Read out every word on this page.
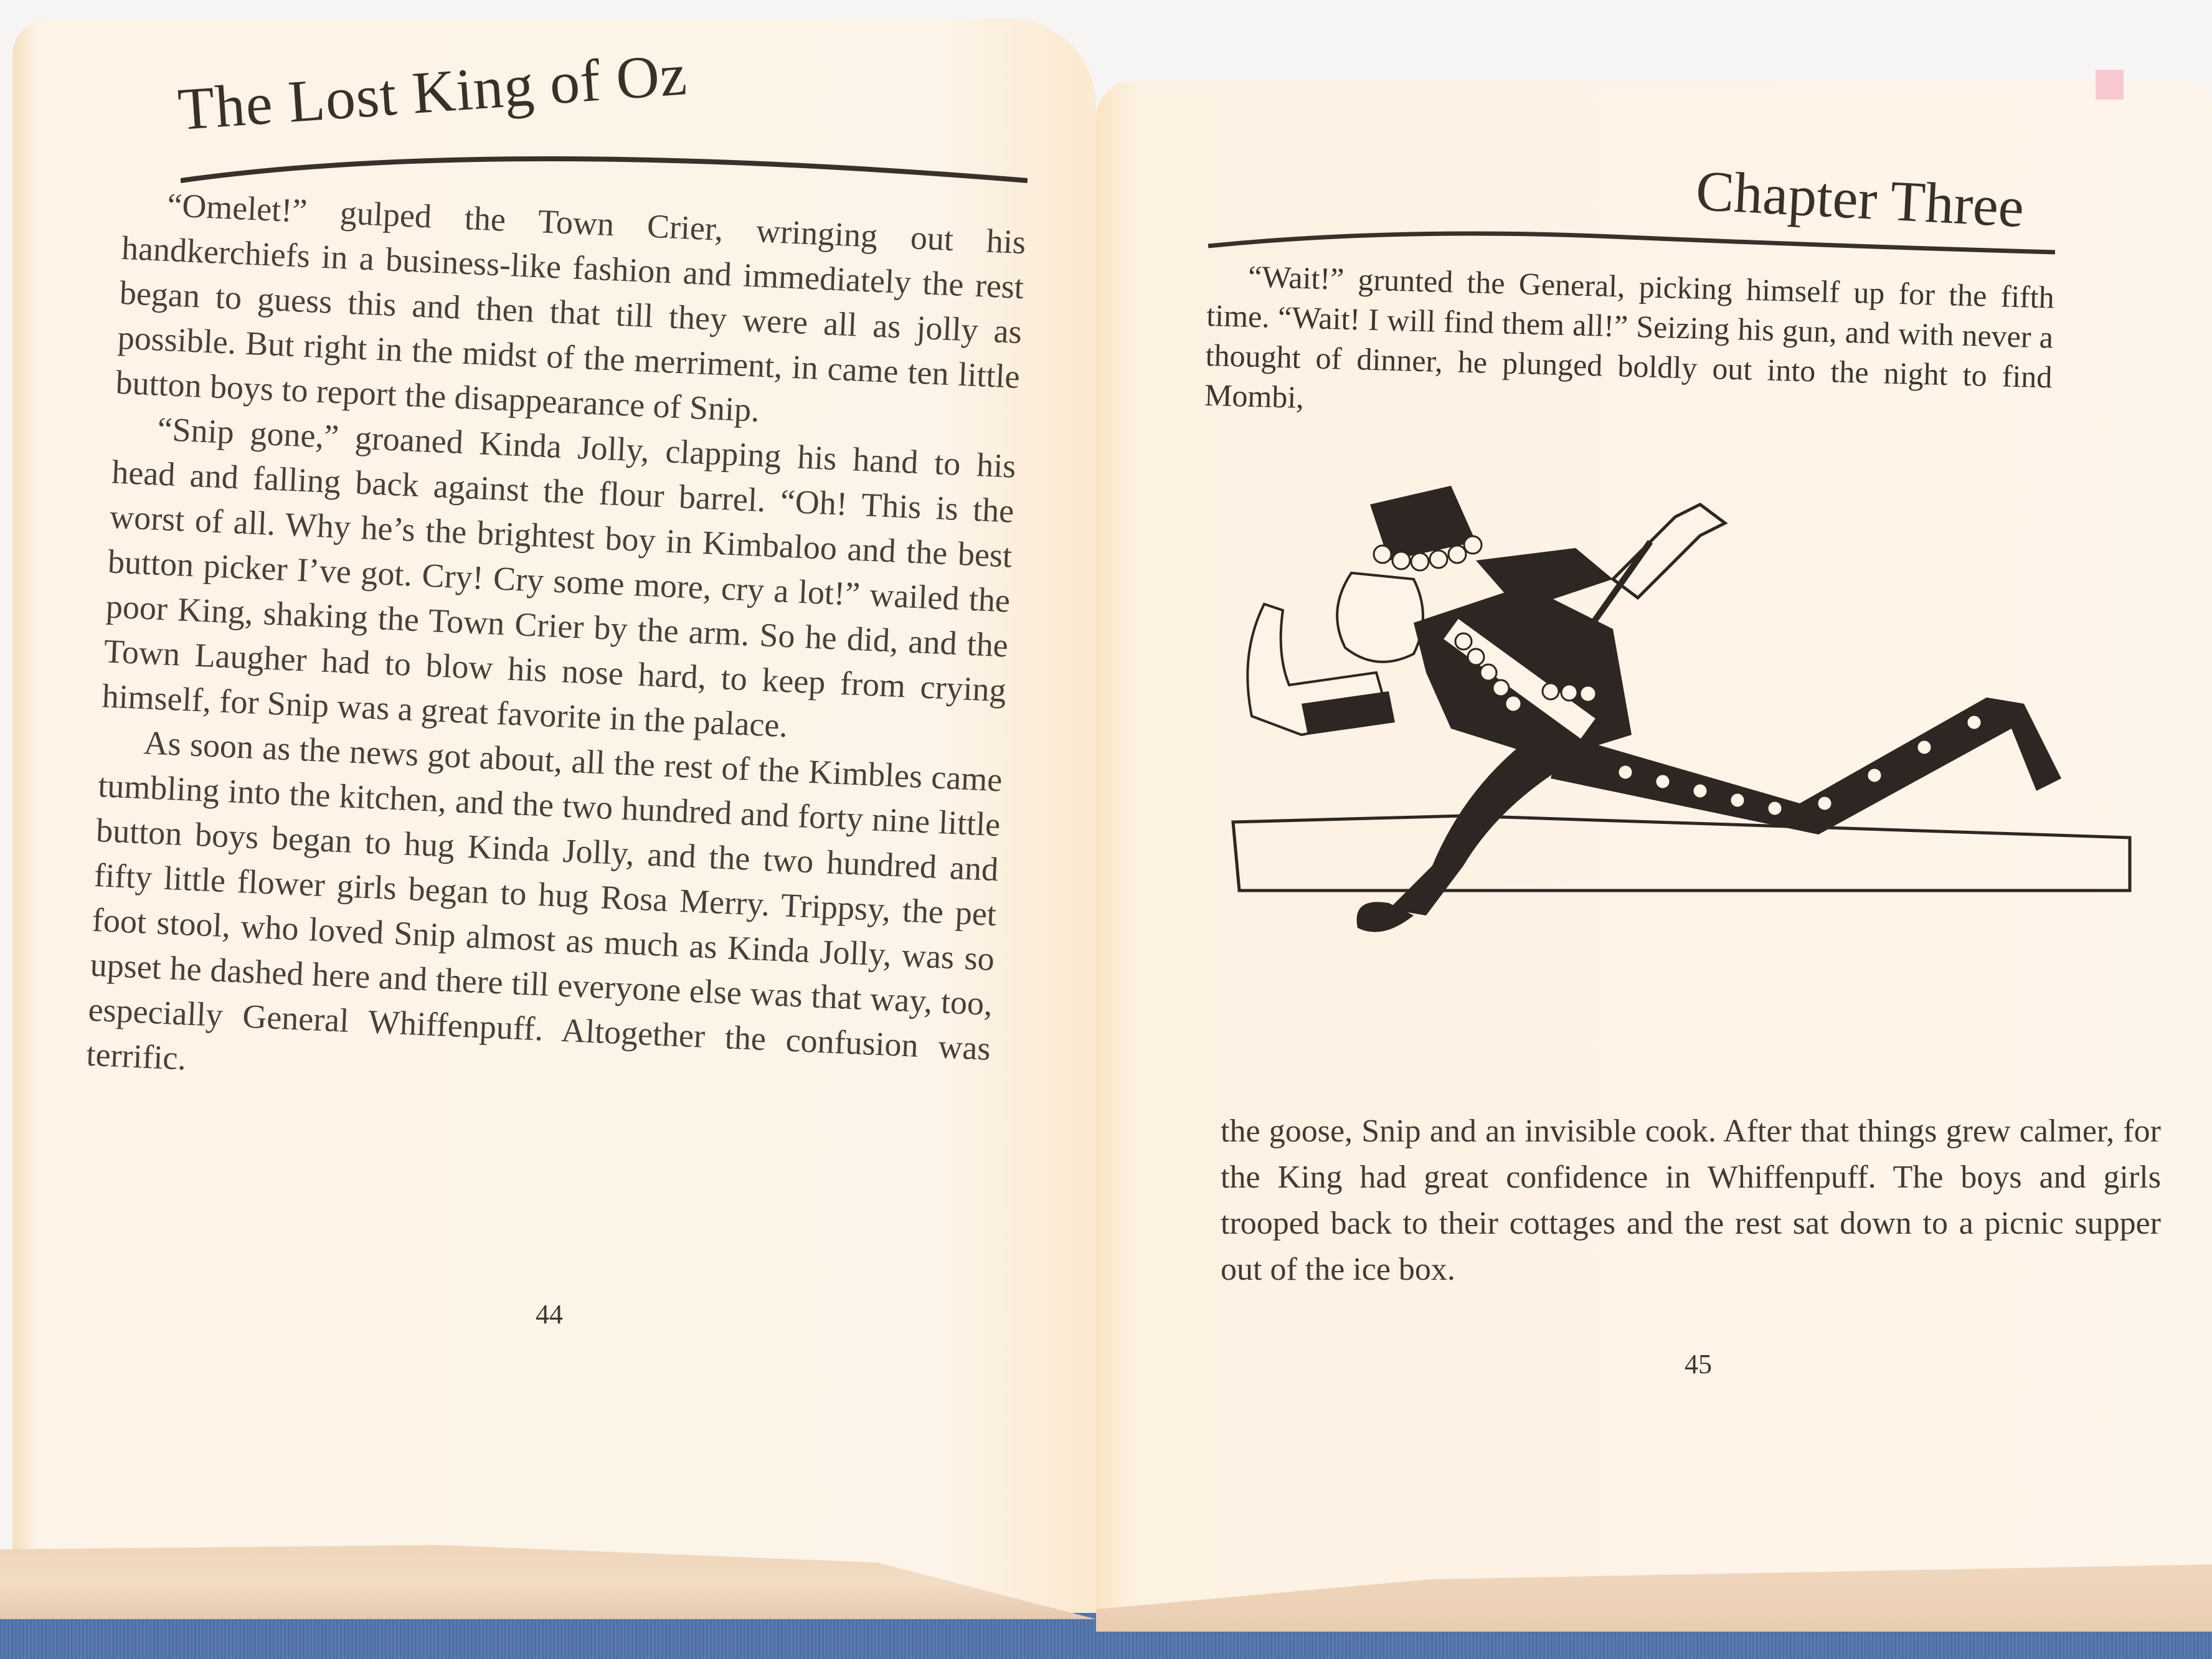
The Lost King of Oz

“Omelet!” gulped the Town Crier, wringing out his handkerchiefs in a business-like fashion and immediately the rest began to guess this and then that till they were all as jolly as possible. But right in the midst of the merriment, in came ten little button boys to report the disappearance of Snip.

“Snip gone,” groaned Kinda Jolly, clapping his hand to his head and falling back against the flour barrel. “Oh! This is the worst of all. Why he’s the brightest boy in Kimbaloo and the best button picker I’ve got. Cry! Cry some more, cry a lot!” wailed the poor King, shaking the Town Crier by the arm. So he did, and the Town Laugher had to blow his nose hard, to keep from crying himself, for Snip was a great favorite in the palace.

As soon as the news got about, all the rest of the Kimbles came tumbling into the kitchen, and the two hundred and forty nine little button boys began to hug Kinda Jolly, and the two hundred and fifty little flower girls began to hug Rosa Merry. Trippsy, the pet foot stool, who loved Snip almost as much as Kinda Jolly, was so upset he dashed here and there till everyone else was that way, too, especially General Whiffenpuff. Altogether the confusion was terrific.

44
Chapter Three

“Wait!” grunted the General, picking himself up for the fifth time. “Wait! I will find them all!” Seizing his gun, and with never a thought of dinner, he plunged boldly out into the night to find Mombi,

the goose, Snip and an invisible cook. After that things grew calmer, for the King had great confidence in Whiffenpuff. The boys and girls trooped back to their cottages and the rest sat down to a picnic supper out of the ice box.

45
